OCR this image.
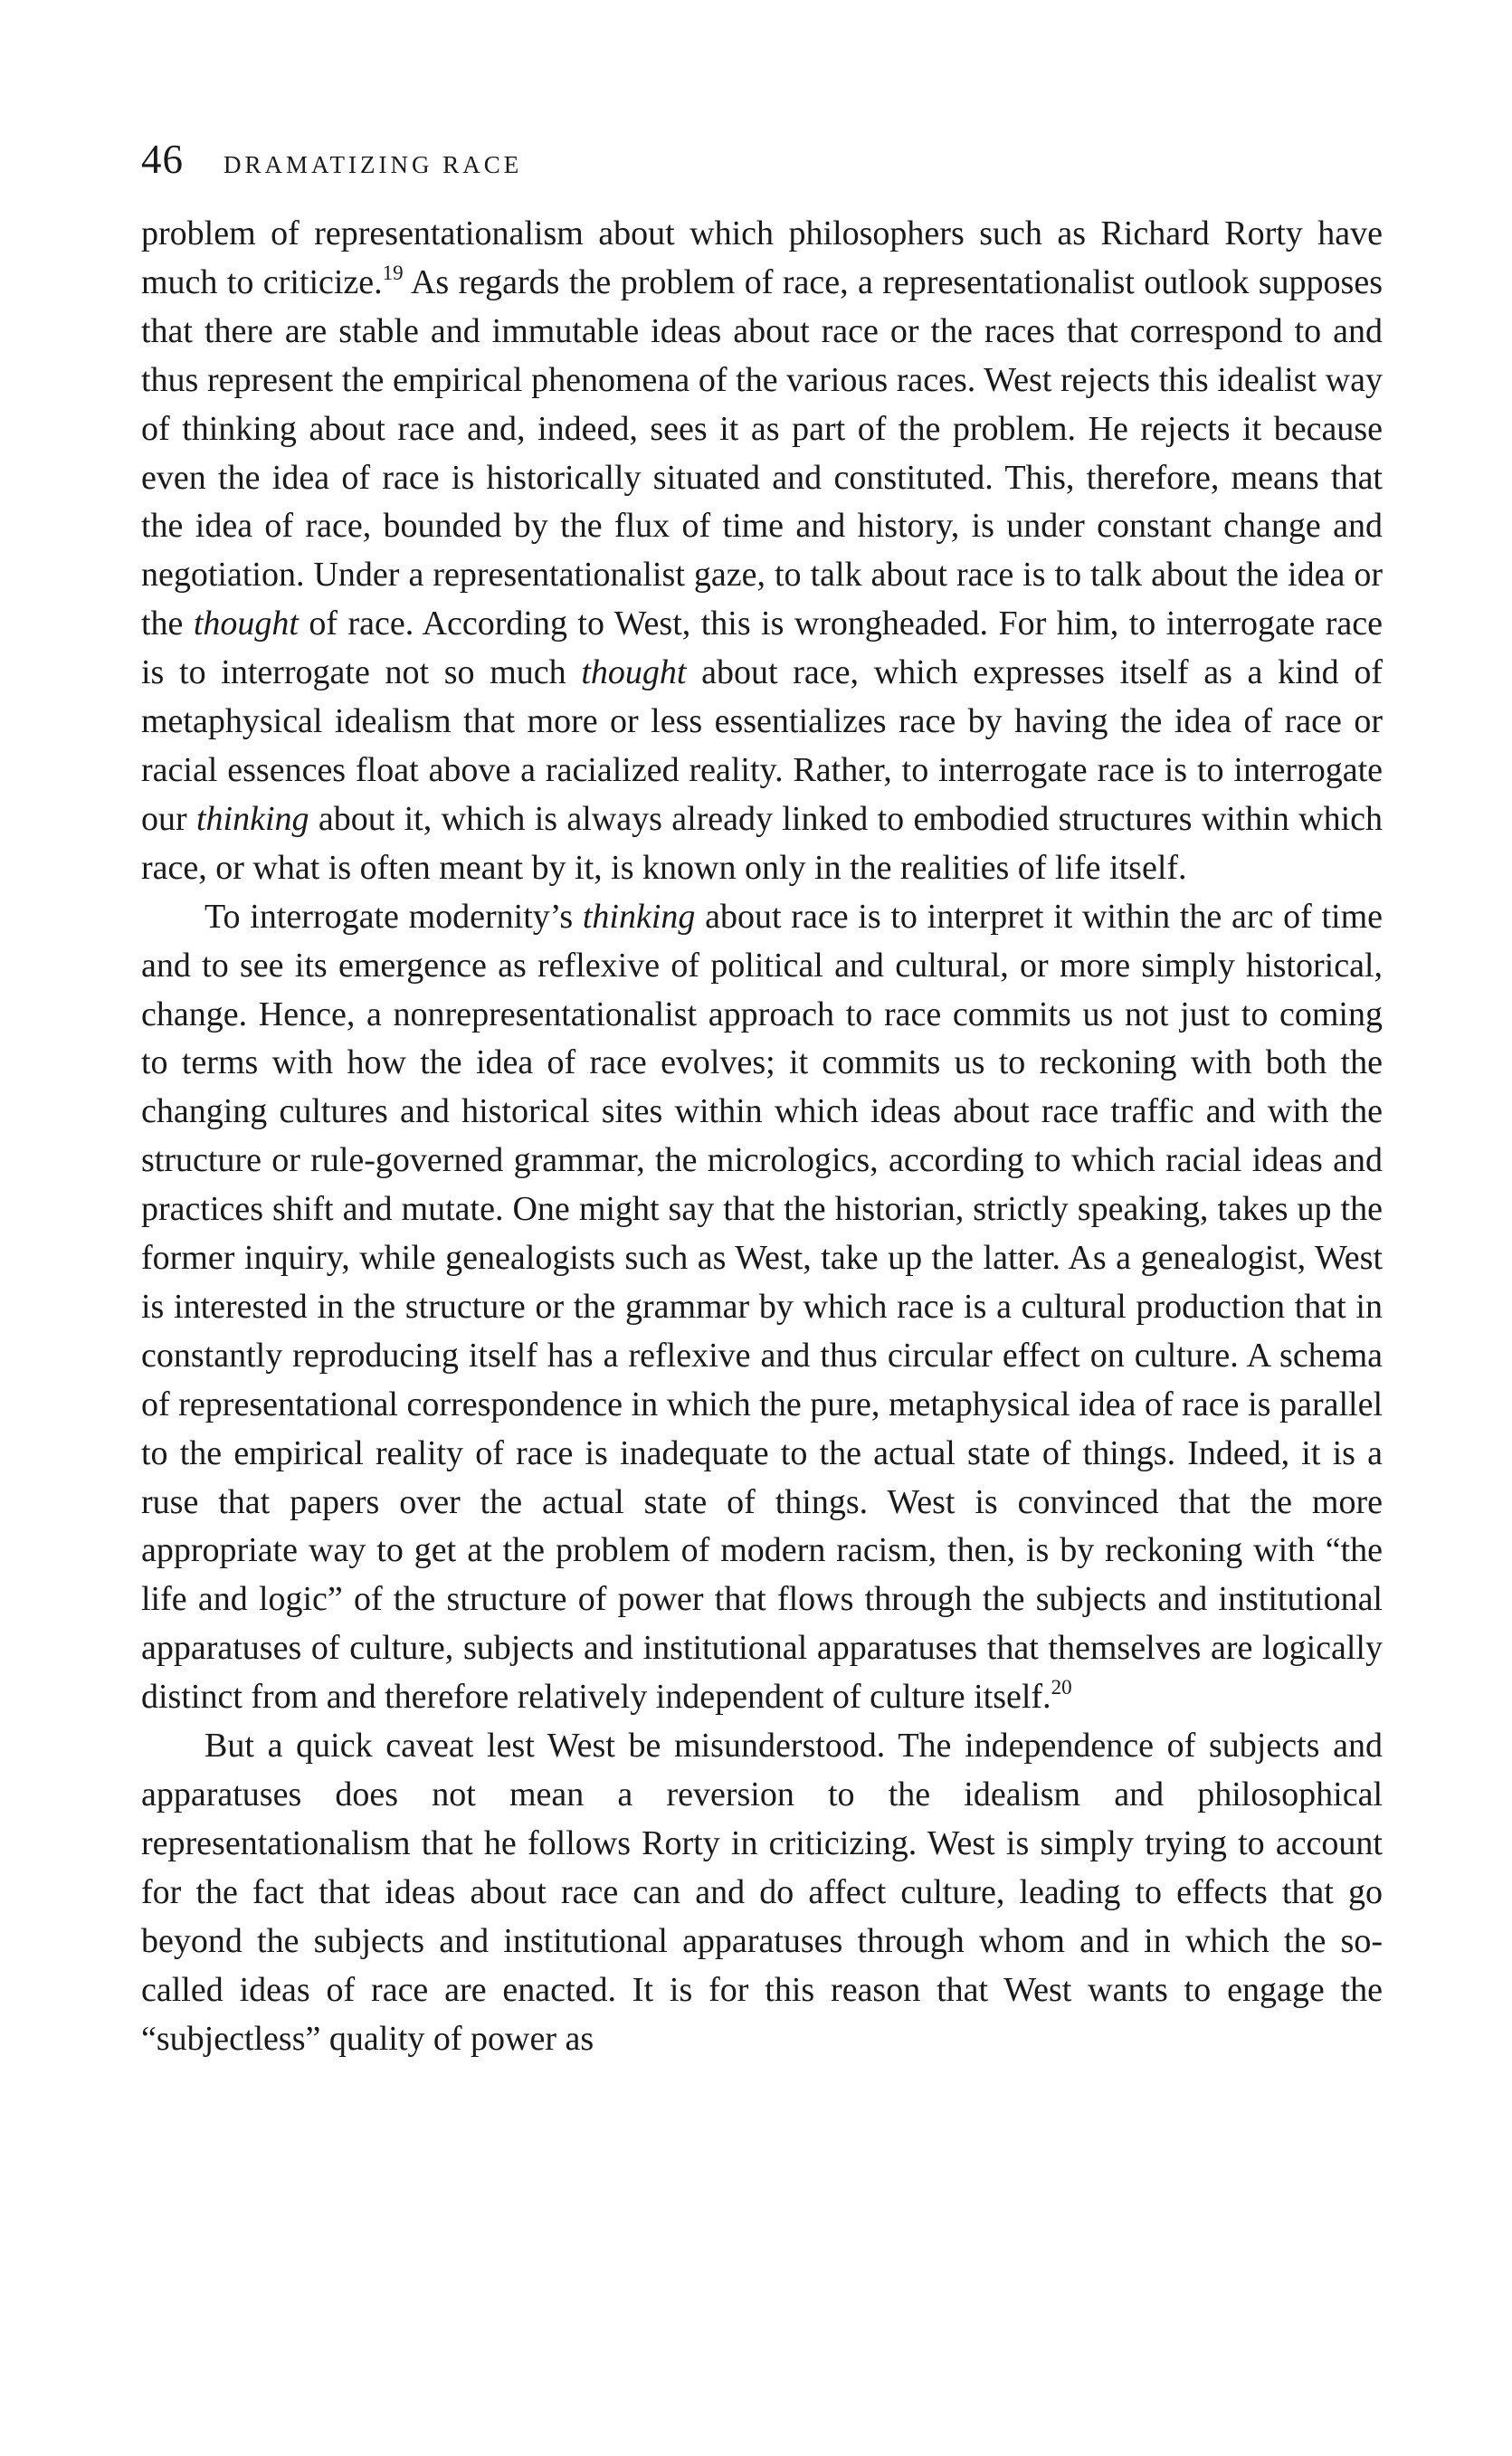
46 DRAMATIZING RACE

problem of representationalism about which philosophers such as Richard Rorty have much to criticize.$^{19}$ As regards the problem of race, a representationalist outlook supposes that there are stable and immutable ideas about race or the races that correspond to and thus represent the empirical phenomena of the various races. West rejects this idealist way of thinking about race and, indeed, sees it as part of the problem. He rejects it because even the idea of race is historically situated and constituted. This, therefore, means that the idea of race, bounded by the flux of time and history, is under constant change and negotiation. Under a representationalist gaze, to talk about race is to talk about the idea or the thought of race. According to West, this is wrongheaded. For him, to interrogate race is to interrogate not so much thought about race, which expresses itself as a kind of metaphysical idealism that more or less essentializes race by having the idea of race or racial essences float above a racialized reality. Rather, to interrogate race is to interrogate our thinking about it, which is always already linked to embodied structures within which race, or what is often meant by it, is known only in the realities of life itself.

To interrogate modernity’s thinking about race is to interpret it within the arc of time and to see its emergence as reflexive of political and cultural, or more simply historical, change. Hence, a nonrepresentationalist approach to race commits us not just to coming to terms with how the idea of race evolves; it commits us to reckoning with both the changing cultures and historical sites within which ideas about race traffic and with the structure or rule-governed grammar, the micrologics, according to which racial ideas and practices shift and mutate. One might say that the historian, strictly speaking, takes up the former inquiry, while genealogists such as West, take up the latter. As a genealogist, West is interested in the structure or the grammar by which race is a cultural production that in constantly reproducing itself has a reflexive and thus circular effect on culture. A schema of representational correspondence in which the pure, metaphysical idea of race is parallel to the empirical reality of race is inadequate to the actual state of things. Indeed, it is a ruse that papers over the actual state of things. West is convinced that the more appropriate way to get at the problem of modern racism, then, is by reckoning with “the life and logic” of the structure of power that flows through the subjects and institutional apparatuses of culture, subjects and institutional apparatuses that themselves are logically distinct from and therefore relatively independent of culture itself.$^{20}$

But a quick caveat lest West be misunderstood. The independence of subjects and apparatuses does not mean a reversion to the idealism and philosophical representationalism that he follows Rorty in criticizing. West is simply trying to account for the fact that ideas about race can and do affect culture, leading to effects that go beyond the subjects and institutional apparatuses through whom and in which the so-called ideas of race are enacted. It is for this reason that West wants to engage the “subjectless” quality of power as
